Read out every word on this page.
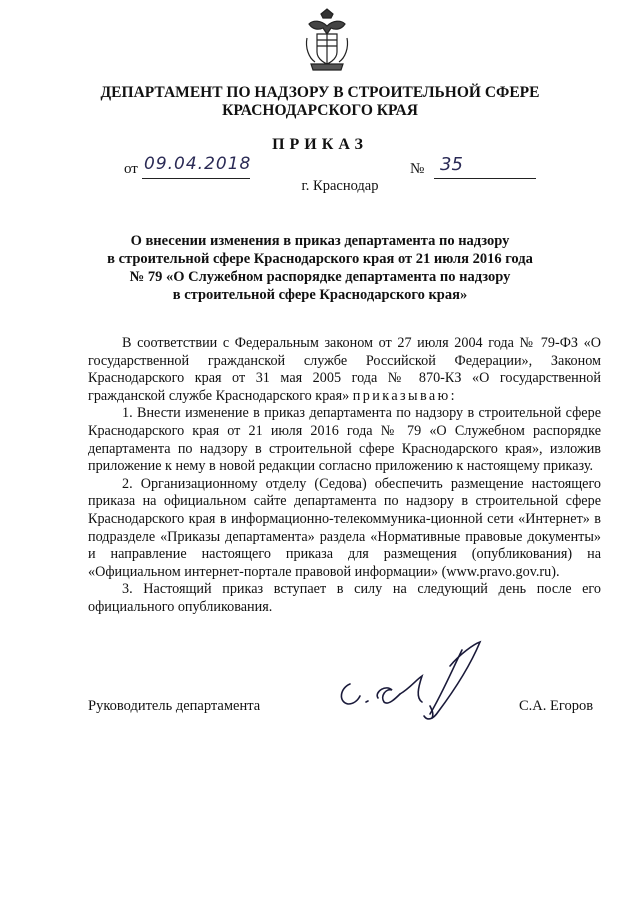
ДЕПАРТАМЕНТ ПО НАДЗОРУ В СТРОИТЕЛЬНОЙ СФЕРЕ
КРАСНОДАРСКОГО КРАЯ
ПРИКАЗ
от 09.04.2018	№ 35
г. Краснодар
О внесении изменения в приказ департамента по надзору
в строительной сфере Краснодарского края от 21 июля 2016 года
№ 79 «О Служебном распорядке департамента по надзору
в строительной сфере Краснодарского края»

В соответствии с Федеральным законом от 27 июля 2004 года № 79-ФЗ «О государственной гражданской службе Российской Федерации», Законом Краснодарского края от 31 мая 2005 года № 870-КЗ «О государственной гражданской службе Краснодарского края» приказываю:

1. Внести изменение в приказ департамента по надзору в строительной сфере Краснодарского края от 21 июля 2016 года № 79 «О Служебном распорядке департамента по надзору в строительной сфере Краснодарского края», изложив приложение к нему в новой редакции согласно приложению к настоящему приказу.

2. Организационному отделу (Седова) обеспечить размещение настоящего приказа на официальном сайте департамента по надзору в строительной сфере Краснодарского края в информационно-телекоммуника-ционной сети «Интернет» в подразделе «Приказы департамента» раздела «Нормативные правовые документы» и направление настоящего приказа для размещения (опубликования) на «Официальном интернет-портале правовой информации» (www.pravo.gov.ru).

3. Настоящий приказ вступает в силу на следующий день после его официального опубликования.

Руководитель департамента	С.А. Егоров
